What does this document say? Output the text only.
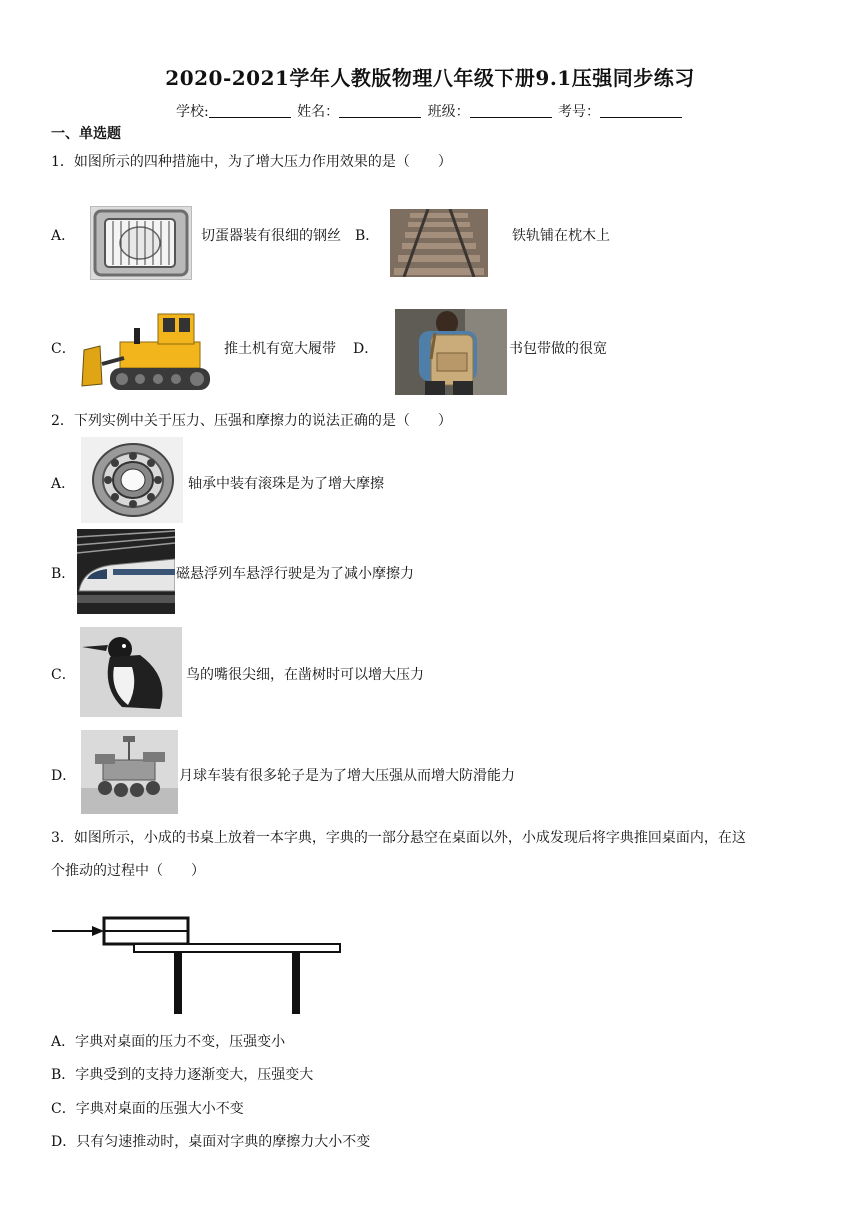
2020-2021学年人教版物理八年级下册9.1压强同步练习
学校:	姓名：	班级：	考号：
一、单选题
1．如图所示的四种措施中，为了增大压力作用效果的是（　　）
A．	切蛋器装有很细的钢丝 B．	铁轨铺在枕木上
C．	推土机有宽大履带 D．	书包带做的很宽
2．下列实例中关于压力、压强和摩擦力的说法正确的是（　　）
A．	轴承中装有滚珠是为了增大摩擦
B．	磁悬浮列车悬浮行驶是为了减小摩擦力
C．	鸟的嘴很尖细，在凿树时可以增大压力
D．	月球车装有很多轮子是为了增大压强从而增大防滑能力
3．如图所示，小成的书桌上放着一本字典，字典的一部分悬空在桌面以外，小成发现后将字典推回桌面内，在这
个推动的过程中（　　）
A．字典对桌面的压力不变，压强变小
B．字典受到的支持力逐渐变大，压强变大
C．字典对桌面的压强大小不变
D．只有匀速推动时，桌面对字典的摩擦力大小不变
